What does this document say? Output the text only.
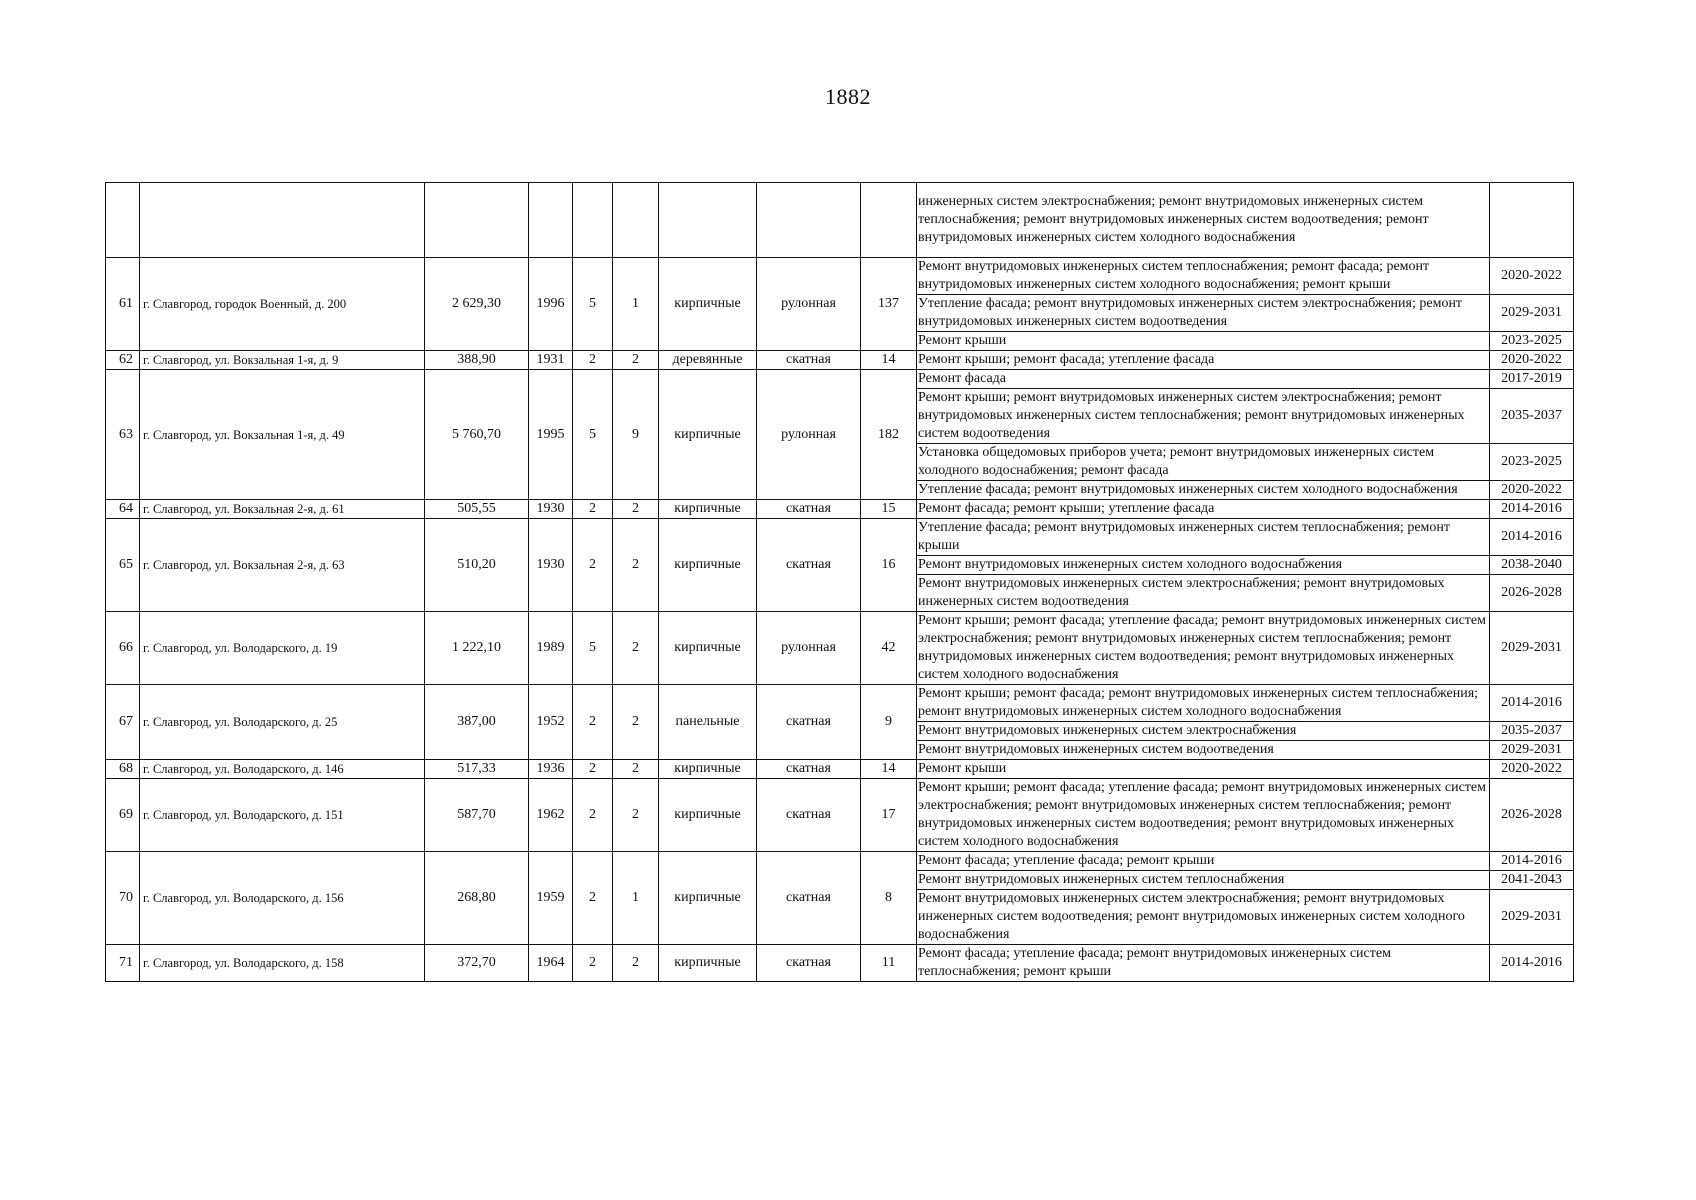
1882
									инженерных систем электроснабжения; ремонт внутридомовых инженерных систем теплоснабжения; ремонт внутридомовых инженерных систем водоотведения; ремонт внутридомовых инженерных систем холодного водоснабжения	
61	г. Славгород, городок Военный, д. 200	2 629,30	1996	5	1	кирпичные	рулонная	137	Ремонт внутридомовых инженерных систем теплоснабжения; ремонт фасада; ремонт внутридомовых инженерных систем холодного водоснабжения; ремонт крыши	2020-2022
									Утепление фасада; ремонт внутридомовых инженерных систем электроснабжения; ремонт внутридомовых инженерных систем водоотведения	2029-2031
									Ремонт крыши	2023-2025
62	г. Славгород, ул. Вокзальная 1-я, д. 9	388,90	1931	2	2	деревянные	скатная	14	Ремонт крыши; ремонт фасада; утепление фасада	2020-2022
63	г. Славгород, ул. Вокзальная 1-я, д. 49	5 760,70	1995	5	9	кирпичные	рулонная	182	Ремонт фасада	2017-2019
									Ремонт крыши; ремонт внутридомовых инженерных систем электроснабжения; ремонт внутридомовых инженерных систем теплоснабжения; ремонт внутридомовых инженерных систем водоотведения	2035-2037
									Установка общедомовых приборов учета; ремонт внутридомовых инженерных систем холодного водоснабжения; ремонт фасада	2023-2025
									Утепление фасада; ремонт внутридомовых инженерных систем холодного водоснабжения	2020-2022
64	г. Славгород, ул. Вокзальная 2-я, д. 61	505,55	1930	2	2	кирпичные	скатная	15	Ремонт фасада; ремонт крыши; утепление фасада	2014-2016
65	г. Славгород, ул. Вокзальная 2-я, д. 63	510,20	1930	2	2	кирпичные	скатная	16	Утепление фасада; ремонт внутридомовых инженерных систем теплоснабжения; ремонт крыши	2014-2016
									Ремонт внутридомовых инженерных систем холодного водоснабжения	2038-2040
									Ремонт внутридомовых инженерных систем электроснабжения; ремонт внутридомовых инженерных систем водоотведения	2026-2028
66	г. Славгород, ул. Володарского, д. 19	1 222,10	1989	5	2	кирпичные	рулонная	42	Ремонт крыши; ремонт фасада; утепление фасада; ремонт внутридомовых инженерных систем электроснабжения; ремонт внутридомовых инженерных систем теплоснабжения; ремонт внутридомовых инженерных систем водоотведения; ремонт внутридомовых инженерных систем холодного водоснабжения	2029-2031
67	г. Славгород, ул. Володарского, д. 25	387,00	1952	2	2	панельные	скатная	9	Ремонт крыши; ремонт фасада; ремонт внутридомовых инженерных систем теплоснабжения; ремонт внутридомовых инженерных систем холодного водоснабжения	2014-2016
									Ремонт внутридомовых инженерных систем электроснабжения	2035-2037
									Ремонт внутридомовых инженерных систем водоотведения	2029-2031
68	г. Славгород, ул. Володарского, д. 146	517,33	1936	2	2	кирпичные	скатная	14	Ремонт крыши	2020-2022
69	г. Славгород, ул. Володарского, д. 151	587,70	1962	2	2	кирпичные	скатная	17	Ремонт крыши; ремонт фасада; утепление фасада; ремонт внутридомовых инженерных систем электроснабжения; ремонт внутридомовых инженерных систем теплоснабжения; ремонт внутридомовых инженерных систем водоотведения; ремонт внутридомовых инженерных систем холодного водоснабжения	2026-2028
70	г. Славгород, ул. Володарского, д. 156	268,80	1959	2	1	кирпичные	скатная	8	Ремонт фасада; утепление фасада; ремонт крыши	2014-2016
									Ремонт внутридомовых инженерных систем теплоснабжения	2041-2043
									Ремонт внутридомовых инженерных систем электроснабжения; ремонт внутридомовых инженерных систем водоотведения; ремонт внутридомовых инженерных систем холодного водоснабжения	2029-2031
71	г. Славгород, ул. Володарского, д. 158	372,70	1964	2	2	кирпичные	скатная	11	Ремонт фасада; утепление фасада; ремонт внутридомовых инженерных систем теплоснабжения; ремонт крыши	2014-2016
